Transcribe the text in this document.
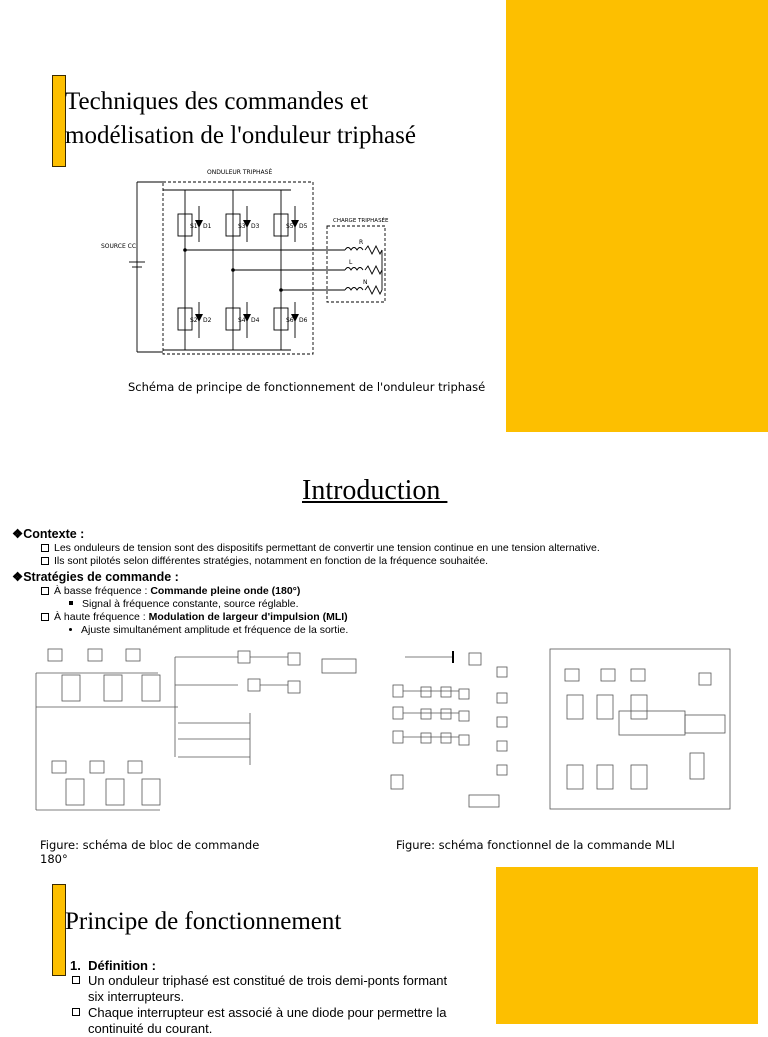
Techniques des commandes et
modélisation de l'onduleur triphasé
ONDULEUR TRIPHASÉ
CHARGE TRIPHASÉE
SOURCE CC
S1	S3	S5
D1	D3	D5
S2	S4	S6
D2	D4	D6
R
L
N
Schéma de principe de fonctionnement de l'onduleur triphasé
Introduction
❖Contexte :
Les onduleurs de tension sont des dispositifs permettant de convertir une tension continue en une tension alternative.
Ils sont pilotés selon différentes stratégies, notamment en fonction de la fréquence souhaitée.
❖Stratégies de commande :
À basse fréquence : Commande pleine onde (180°)
Signal à fréquence constante, source réglable.
À haute fréquence : Modulation de largeur d'impulsion (MLI)
Ajuste simultanément amplitude et fréquence de la sortie.
Figure: schéma de bloc de commande
180°
Figure: schéma fonctionnel de la commande MLI
Principe de fonctionnement
1.  Définition :
Un onduleur triphasé est constitué de trois demi-ponts formant
six interrupteurs.
Chaque interrupteur est associé à une diode pour permettre la
continuité du courant.
